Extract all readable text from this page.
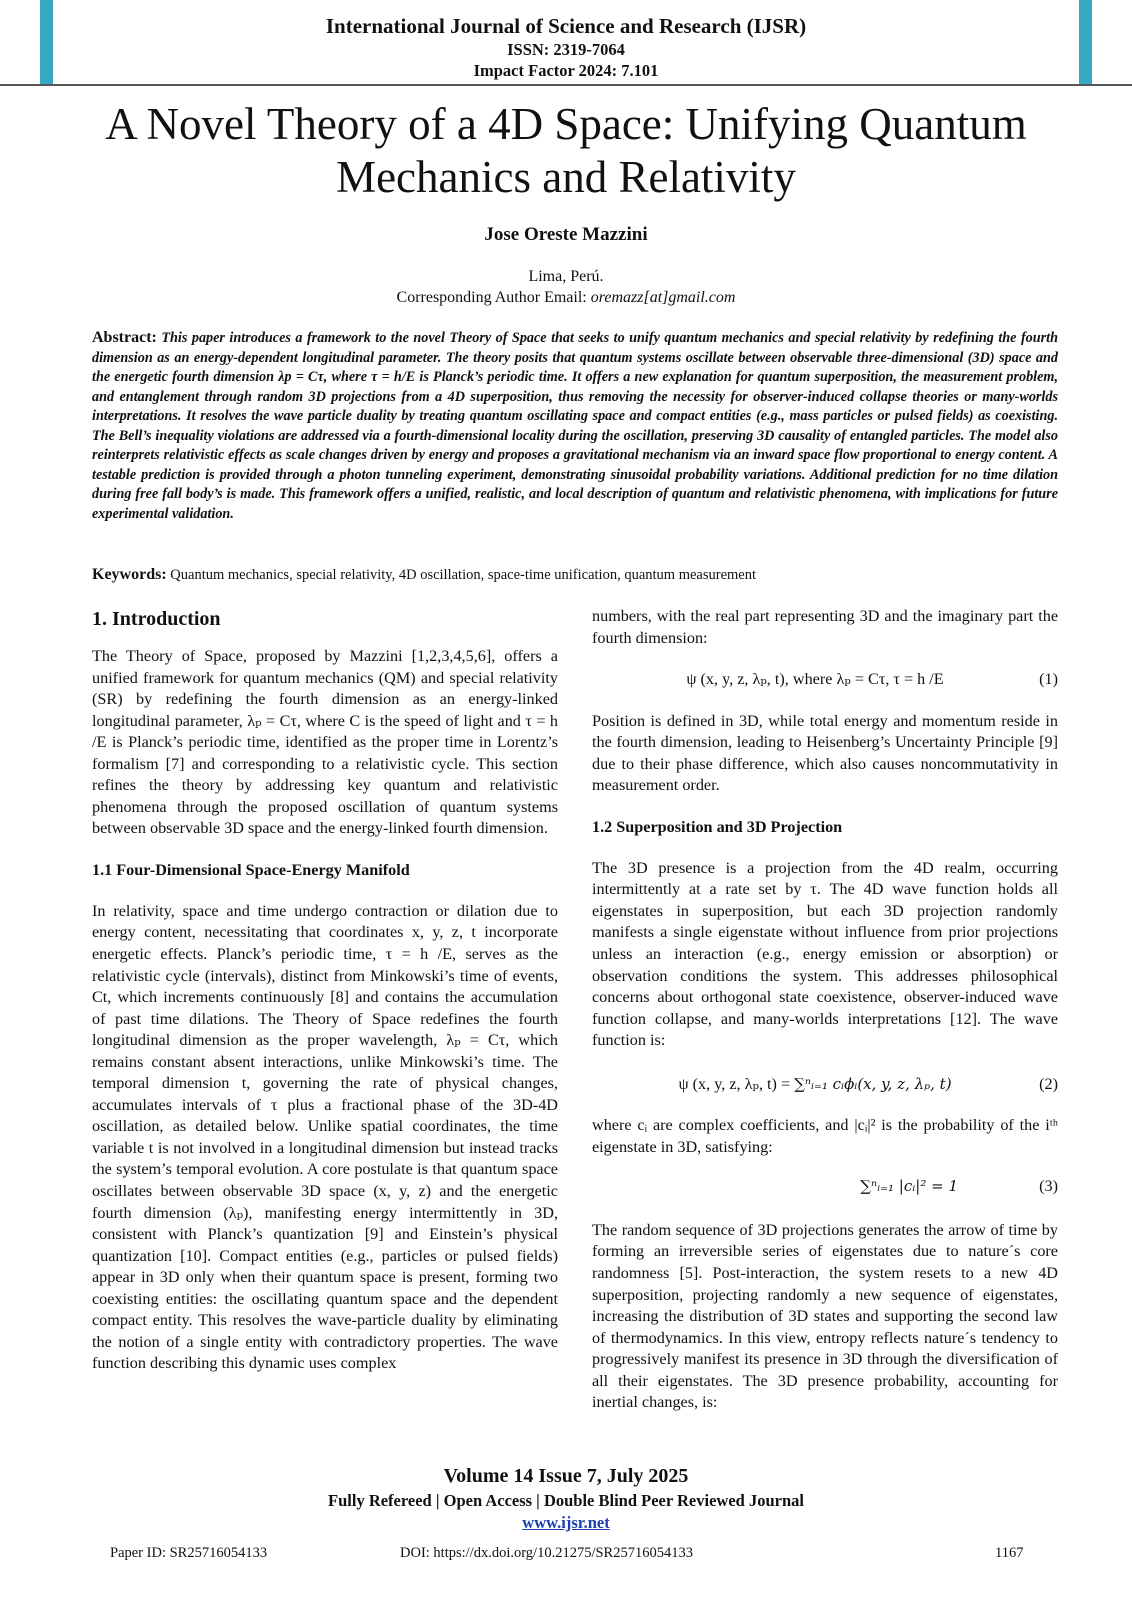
International Journal of Science and Research (IJSR)
ISSN: 2319-7064
Impact Factor 2024: 7.101
A Novel Theory of a 4D Space: Unifying Quantum Mechanics and Relativity
Jose Oreste Mazzini
Lima, Perú.
Corresponding Author Email: oremazz[at]gmail.com
Abstract: This paper introduces a framework to the novel Theory of Space that seeks to unify quantum mechanics and special relativity by redefining the fourth dimension as an energy-dependent longitudinal parameter. The theory posits that quantum systems oscillate between observable three-dimensional (3D) space and the energetic fourth dimension λp = Cτ, where τ = h/E is Planck’s periodic time. It offers a new explanation for quantum superposition, the measurement problem, and entanglement through random 3D projections from a 4D superposition, thus removing the necessity for observer-induced collapse theories or many-worlds interpretations. It resolves the wave particle duality by treating quantum oscillating space and compact entities (e.g., mass particles or pulsed fields) as coexisting. The Bell’s inequality violations are addressed via a fourth-dimensional locality during the oscillation, preserving 3D causality of entangled particles. The model also reinterprets relativistic effects as scale changes driven by energy and proposes a gravitational mechanism via an inward space flow proportional to energy content. A testable prediction is provided through a photon tunneling experiment, demonstrating sinusoidal probability variations. Additional prediction for no time dilation during free fall body’s is made. This framework offers a unified, realistic, and local description of quantum and relativistic phenomena, with implications for future experimental validation.
Keywords: Quantum mechanics, special relativity, 4D oscillation, space-time unification, quantum measurement
1. Introduction

The Theory of Space, proposed by Mazzini [1,2,3,4,5,6], offers a unified framework for quantum mechanics (QM) and special relativity (SR) by redefining the fourth dimension as an energy-linked longitudinal parameter, λₚ = Cτ, where C is the speed of light and τ = h /E is Planck’s periodic time, identified as the proper time in Lorentz’s formalism [7] and corresponding to a relativistic cycle. This section refines the theory by addressing key quantum and relativistic phenomena through the proposed oscillation of quantum systems between observable 3D space and the energy-linked fourth dimension.

1.1 Four-Dimensional Space-Energy Manifold

In relativity, space and time undergo contraction or dilation due to energy content, necessitating that coordinates x, y, z, t incorporate energetic effects. Planck’s periodic time, τ = h /E, serves as the relativistic cycle (intervals), distinct from Minkowski’s time of events, Ct, which increments continuously [8] and contains the accumulation of past time dilations. The Theory of Space redefines the fourth longitudinal dimension as the proper wavelength, λₚ = Cτ, which remains constant absent interactions, unlike Minkowski’s time. The temporal dimension t, governing the rate of physical changes, accumulates intervals of τ plus a fractional phase of the 3D-4D oscillation, as detailed below. Unlike spatial coordinates, the time variable t is not involved in a longitudinal dimension but instead tracks the system’s temporal evolution. A core postulate is that quantum space oscillates between observable 3D space (x, y, z) and the energetic fourth dimension (λₚ), manifesting energy intermittently in 3D, consistent with Planck’s quantization [9] and Einstein’s physical quantization [10]. Compact entities (e.g., particles or pulsed fields) appear in 3D only when their quantum space is present, forming two coexisting entities: the oscillating quantum space and the dependent compact entity. This resolves the wave-particle duality by eliminating the notion of a single entity with contradictory properties. The wave function describing this dynamic uses complex

numbers, with the real part representing 3D and the imaginary part the fourth dimension:

ψ (x, y, z, λₚ, t), where λₚ = Cτ, τ = h /E	(1)

Position is defined in 3D, while total energy and momentum reside in the fourth dimension, leading to Heisenberg’s Uncertainty Principle [9] due to their phase difference, which also causes noncommutativity in measurement order.

1.2 Superposition and 3D Projection

The 3D presence is a projection from the 4D realm, occurring intermittently at a rate set by τ. The 4D wave function holds all eigenstates in superposition, but each 3D projection randomly manifests a single eigenstate without influence from prior projections unless an interaction (e.g., energy emission or absorption) or observation conditions the system. This addresses philosophical concerns about orthogonal state coexistence, observer-induced wave function collapse, and many-worlds interpretations [12]. The wave function is:

ψ (x, y, z, λₚ, t) = ∑ⁿᵢ₌₁ cᵢϕᵢ(x, y, z, λₚ, t)	(2)

where cᵢ are complex coefficients, and |cᵢ|² is the probability of the iᵗʰ eigenstate in 3D, satisfying:

∑ⁿᵢ₌₁ |cᵢ|² = 1	(3)

The random sequence of 3D projections generates the arrow of time by forming an irreversible series of eigenstates due to nature´s core randomness [5]. Post-interaction, the system resets to a new 4D superposition, projecting randomly a new sequence of eigenstates, increasing the distribution of 3D states and supporting the second law of thermodynamics. In this view, entropy reflects nature´s tendency to progressively manifest its presence in 3D through the diversification of all their eigenstates. The 3D presence probability, accounting for inertial changes, is:

Volume 14 Issue 7, July 2025
Fully Refereed | Open Access | Double Blind Peer Reviewed Journal
www.ijsr.net
Paper ID: SR25716054133	DOI: https://dx.doi.org/10.21275/SR25716054133	1167
